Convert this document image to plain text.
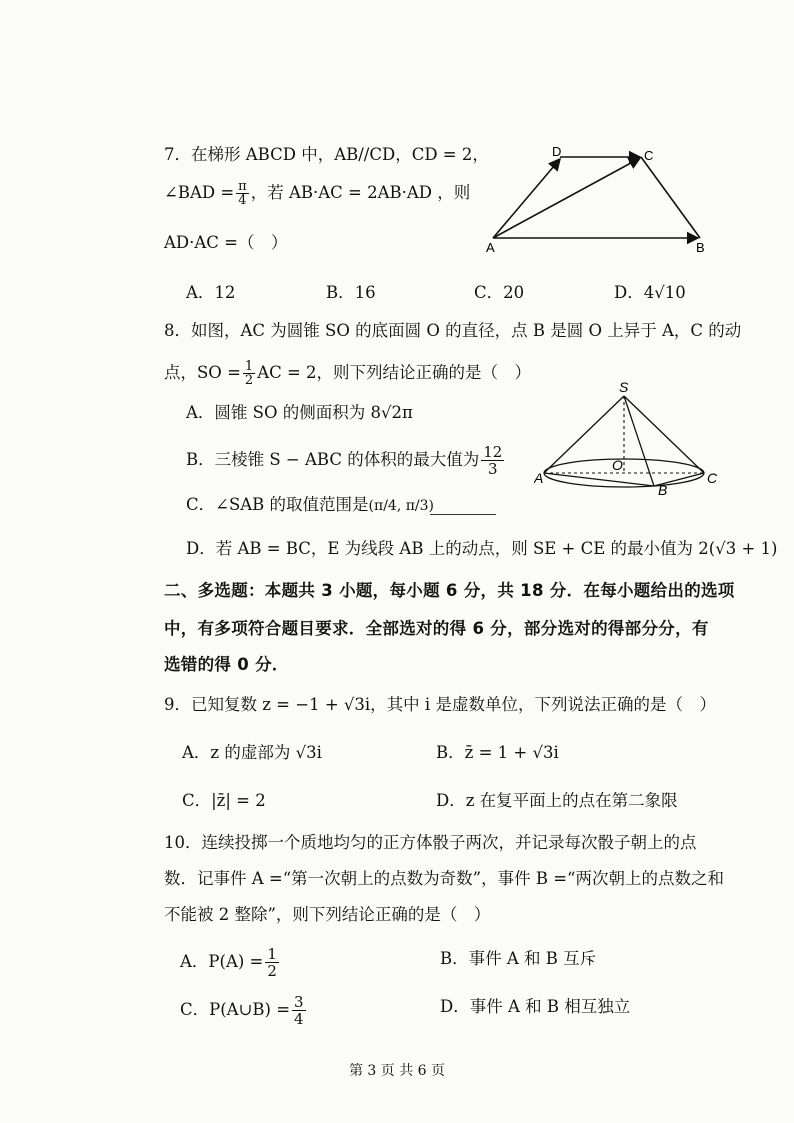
7．在梯形 ABCD 中，AB//CD，CD = 2，
∠BAD = $\frac{\pi}{4}$ ，若 AB·AC = 2AB·AD ，则
AD·AC =（　）
D	C
A	B
A．12	B．16	C．20	D．4√10
8．如图，AC 为圆锥 SO 的底面圆 O 的直径，点 B 是圆 O 上异于 A，C 的动
点，SO = $\frac{1}{2}$ AC = 2，则下列结论正确的是（　）
A．圆锥 SO 的侧面积为 8√2π
B．三棱锥 S − ABC 的体积的最大值为 $\frac{12}{3}$
C．∠SAB 的取值范围是(π/4, π/3)
D．若 AB = BC，E 为线段 AB 上的动点，则 SE + CE 的最小值为 2(√3 + 1)
S
O
A
B
C
二、多选题：本题共 3 小题，每小题 6 分，共 18 分．在每小题给出的选项
中，有多项符合题目要求．全部选对的得 6 分，部分选对的得部分分，有
选错的得 0 分．
9．已知复数 z = −1 + √3i，其中 i 是虚数单位，下列说法正确的是（　）
A．z 的虚部为 √3i	B．z̄ = 1 + √3i
C．|z̄| = 2	D．z 在复平面上的点在第二象限
10．连续投掷一个质地均匀的正方体骰子两次，并记录每次骰子朝上的点
数．记事件 A =“第一次朝上的点数为奇数”，事件 B =“两次朝上的点数之和
不能被 2 整除”，则下列结论正确的是（　）
A．$P(A) = \frac{1}{2}$	B．事件 A 和 B 互斥
C．P(A∪B) = $\frac{3}{4}$	D．事件 A 和 B 相互独立
第 3 页 共 6 页
